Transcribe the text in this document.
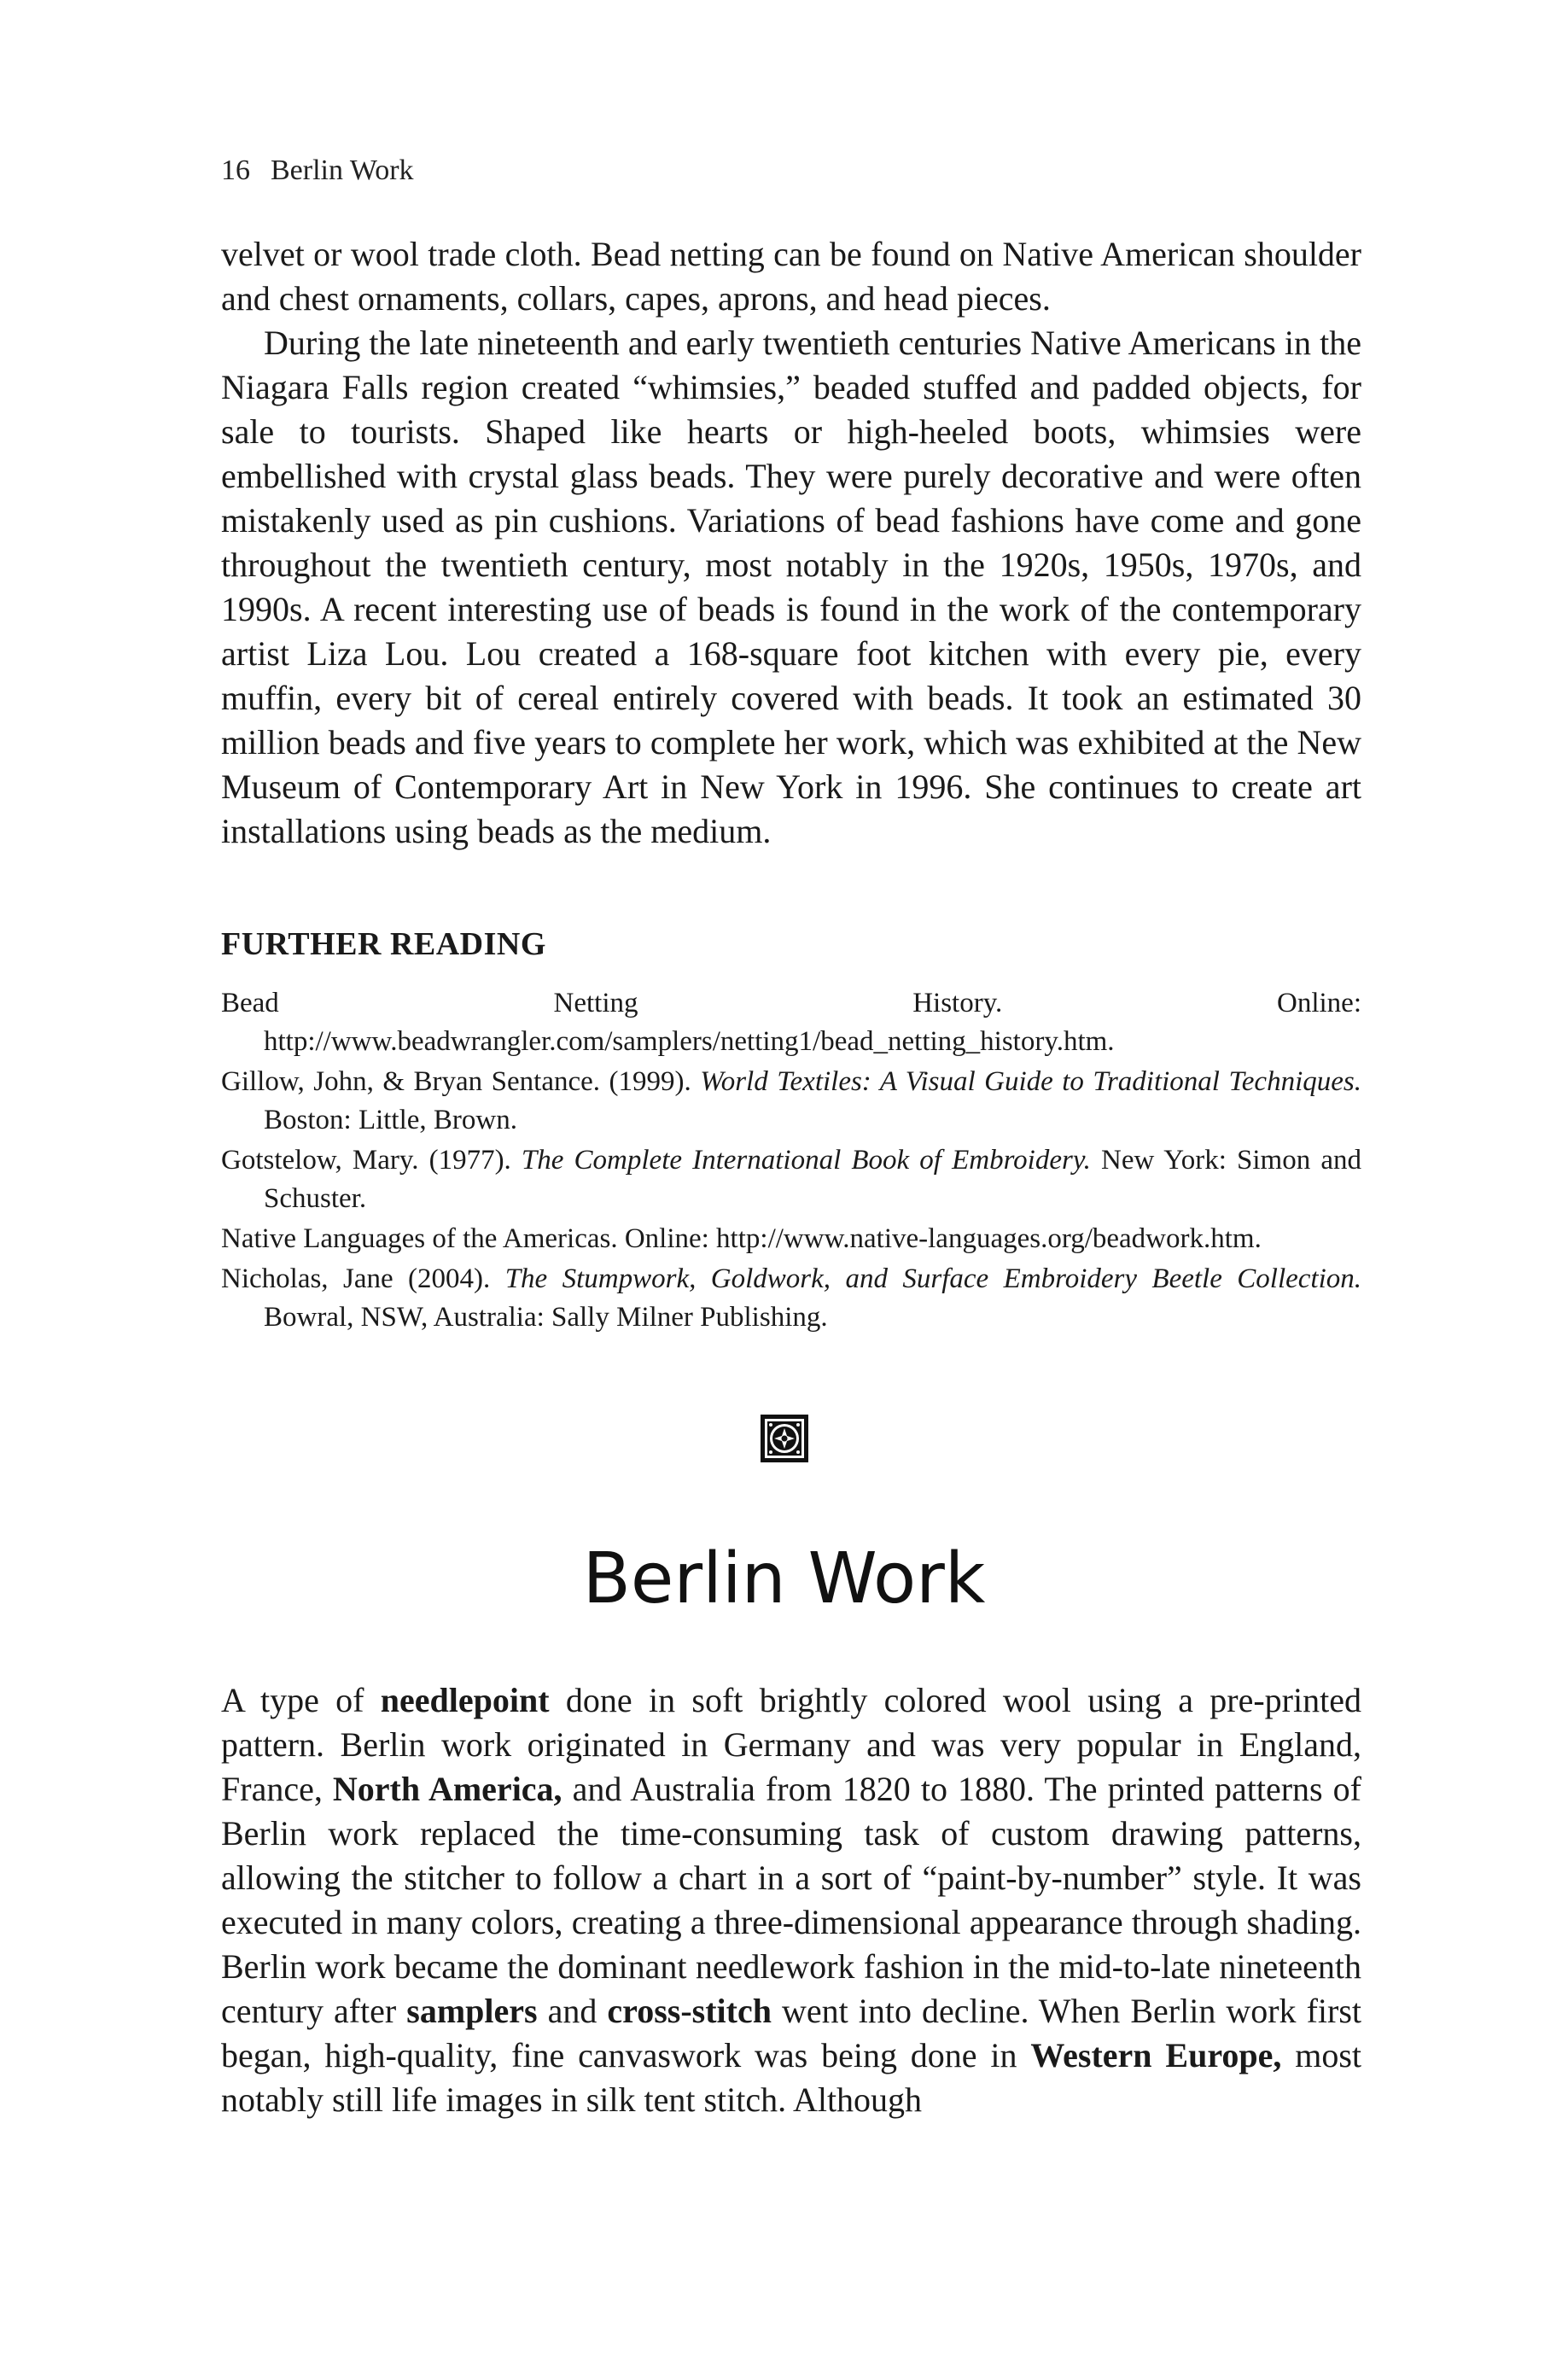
16 Berlin Work

velvet or wool trade cloth. Bead netting can be found on Native American shoulder and chest ornaments, collars, capes, aprons, and head pieces.

During the late nineteenth and early twentieth centuries Native Americans in the Niagara Falls region created “whimsies,” beaded stuffed and padded objects, for sale to tourists. Shaped like hearts or high-heeled boots, whimsies were embellished with crystal glass beads. They were purely decorative and were often mistakenly used as pin cushions. Variations of bead fashions have come and gone throughout the twentieth century, most notably in the 1920s, 1950s, 1970s, and 1990s. A recent interesting use of beads is found in the work of the contemporary artist Liza Lou. Lou created a 168-square foot kitchen with every pie, every muffin, every bit of cereal entirely covered with beads. It took an estimated 30 million beads and five years to complete her work, which was exhibited at the New Museum of Contemporary Art in New York in 1996. She continues to create art installations using beads as the medium.

FURTHER READING
Bead Netting History. Online: http://www.beadwrangler.com/samplers/netting1/bead_netting_history.htm.
Gillow, John, & Bryan Sentance. (1999). World Textiles: A Visual Guide to Traditional Techniques. Boston: Little, Brown.
Gotstelow, Mary. (1977). The Complete International Book of Embroidery. New York: Simon and Schuster.
Native Languages of the Americas. Online: http://www.native-languages.org/beadwork.htm.
Nicholas, Jane (2004). The Stumpwork, Goldwork, and Surface Embroidery Beetle Collection. Bowral, NSW, Australia: Sally Milner Publishing.
Berlin Work

A type of needlepoint done in soft brightly colored wool using a pre-printed pattern. Berlin work originated in Germany and was very popular in England, France, North America, and Australia from 1820 to 1880. The printed patterns of Berlin work replaced the time-consuming task of custom drawing patterns, allowing the stitcher to follow a chart in a sort of “paint-by-number” style. It was executed in many colors, creating a three-dimensional appearance through shading. Berlin work became the dominant needlework fashion in the mid-to-late nineteenth century after samplers and cross-stitch went into decline. When Berlin work first began, high-quality, fine canvaswork was being done in Western Europe, most notably still life images in silk tent stitch. Although
